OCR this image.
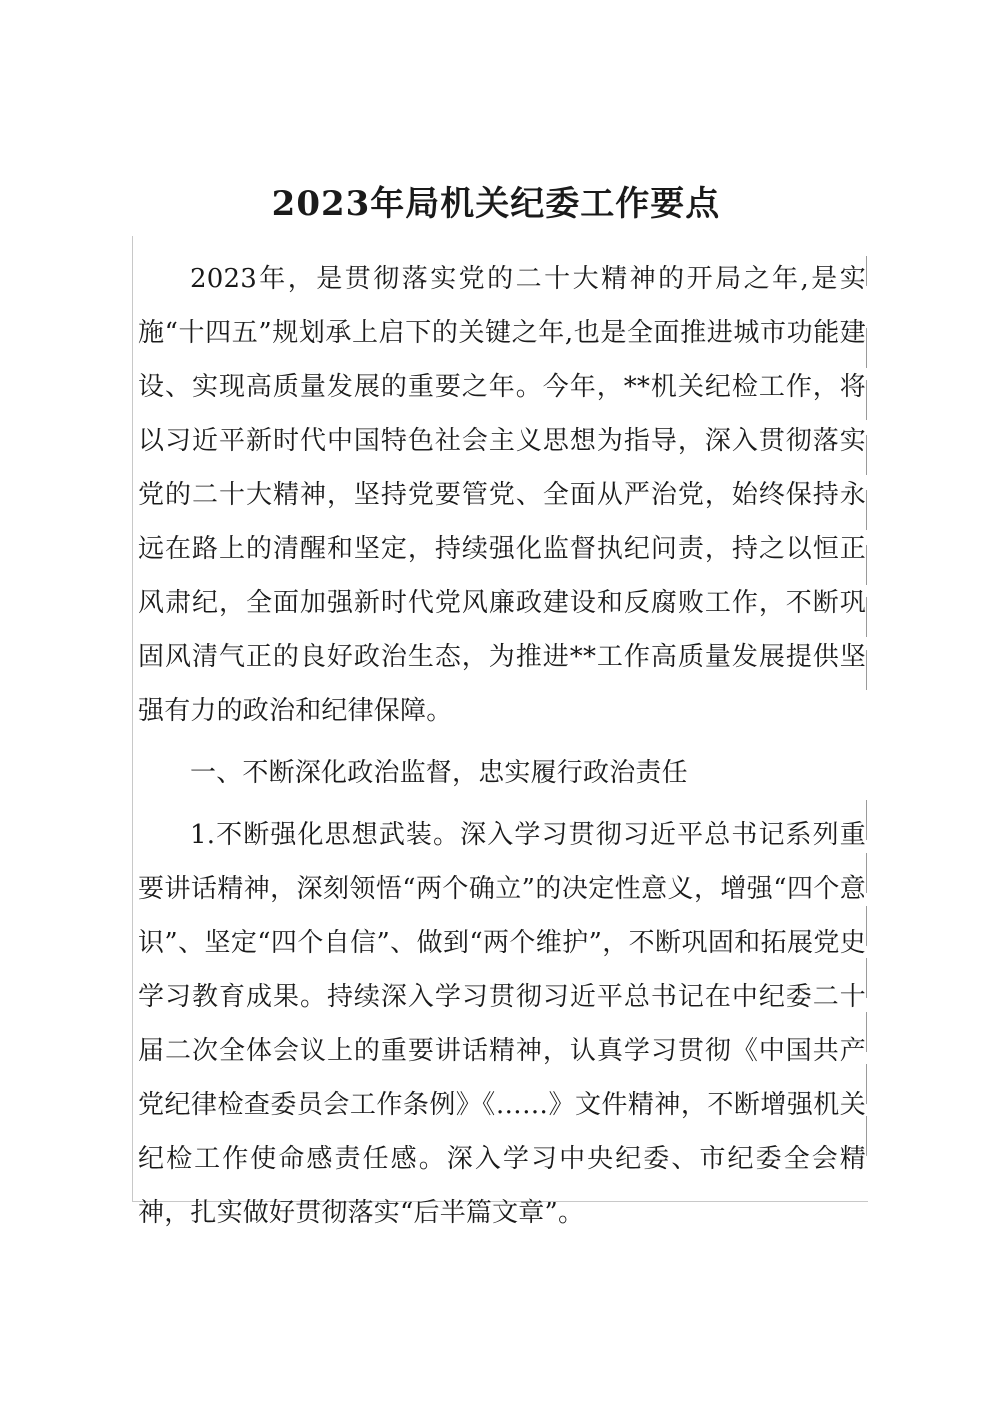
2023年局机关纪委工作要点

2023年，是贯彻落实党的二十大精神的开局之年,是实施“十四五”规划承上启下的关键之年,也是全面推进城市功能建设、实现高质量发展的重要之年。今年，**机关纪检工作，将以习近平新时代中国特色社会主义思想为指导，深入贯彻落实党的二十大精神，坚持党要管党、全面从严治党，始终保持永远在路上的清醒和坚定，持续强化监督执纪问责，持之以恒正风肃纪，全面加强新时代党风廉政建设和反腐败工作，不断巩固风清气正的良好政治生态，为推进**工作高质量发展提供坚强有力的政治和纪律保障。

一、不断深化政治监督，忠实履行政治责任

1.不断强化思想武装。深入学习贯彻习近平总书记系列重要讲话精神，深刻领悟“两个确立”的决定性意义，增强“四个意识”、坚定“四个自信”、做到“两个维护”，不断巩固和拓展党史学习教育成果。持续深入学习贯彻习近平总书记在中纪委二十届二次全体会议上的重要讲话精神，认真学习贯彻《中国共产党纪律检查委员会工作条例》《……》文件精神，不断增强机关纪检工作使命感责任感。深入学习中央纪委、市纪委全会精神，扎实做好贯彻落实“后半篇文章”。
